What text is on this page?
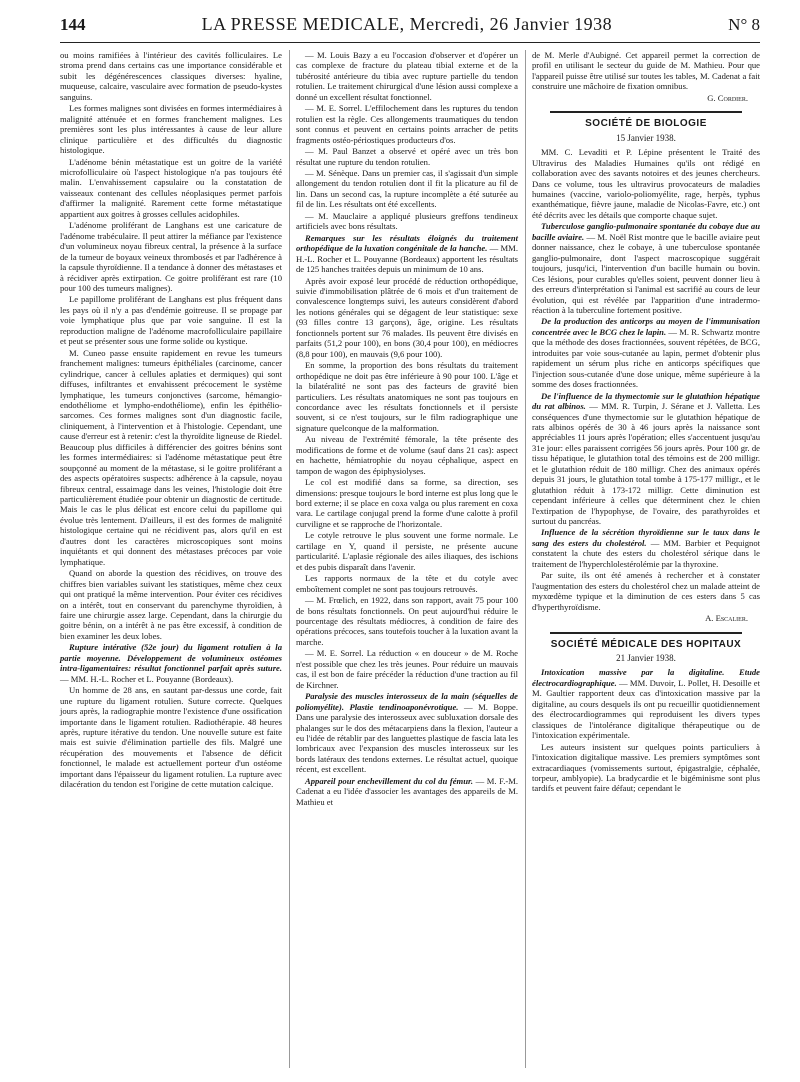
144	LA PRESSE MEDICALE, Mercredi, 26 Janvier 1938	N° 8

ou moins ramifiées à l'intérieur des cavités folliculaires. Le stroma prend dans certains cas une importance considérable et subit les dégénérescences classiques diverses: hyaline, muqueuse, calcaire, vasculaire avec formation de pseudo-kystes sanguins.

Les formes malignes sont divisées en formes intermédiaires à malignité atténuée et en formes franchement malignes. Les premières sont les plus intéressantes à cause de leur allure clinique particulière et des difficultés du diagnostic histologique.

L'adénome bénin métastatique est un goitre de la variété microfolliculaire où l'aspect histologique n'a pas toujours été malin. L'envahissement capsulaire ou la constatation de vaisseaux contenant des cellules néoplasiques permet parfois d'affirmer la malignité. Rarement cette forme métastatique appartient aux goitres à grosses cellules acidophiles.

L'adénome proliférant de Langhans est une caricature de l'adénome trabéculaire. Il peut attirer la méfiance par l'existence d'un volumineux noyau fibreux central, la présence à la surface de la tumeur de boyaux veineux thrombosés et par l'adhérence à la capsule thyroïdienne. Il a tendance à donner des métastases et à récidiver après extirpation. Ce goitre proliférant est rare (10 pour 100 des tumeurs malignes).

Le papillome proliférant de Langhans est plus fréquent dans les pays où il n'y a pas d'endémie goitreuse. Il se propage par voie lymphatique plus que par voie sanguine. Il est la reproduction maligne de l'adénome macrofolliculaire papillaire et peut se présenter sous une forme solide ou kystique.

M. Cuneo passe ensuite rapidement en revue les tumeurs franchement malignes: tumeurs épithéliales (carcinome, cancer cylindrique, cancer à cellules aplaties et dermiques) qui sont diffuses, infiltrantes et envahissent précocement le système lymphatique, les tumeurs conjonctives (sarcome, hémangio-endothéliome et lympho-endothéliome), enfin les épithélio-sarcomes. Ces formes malignes sont d'un diagnostic facile, cliniquement, à l'intervention et à l'histologie. Cependant, une cause d'erreur est à retenir: c'est la thyroïdite ligneuse de Riedel. Beaucoup plus difficiles à différencier des goitres bénins sont les formes intermédiaires: si l'adénome métastatique peut être soupçonné au moment de la métastase, si le goitre proliférant a des aspects opératoires suspects: adhérence à la capsule, noyau fibreux central, essaimage dans les veines, l'histologie doit être particulièrement étudiée pour obtenir un diagnostic de certitude. Mais le cas le plus délicat est encore celui du papillome qui évolue très lentement. D'ailleurs, il est des formes de malignité histologique certaine qui ne récidivent pas, alors qu'il en est d'autres dont les caractères microscopiques sont moins inquiétants et qui donnent des métastases précoces par voie lymphatique.

Quand on aborde la question des récidives, on trouve des chiffres bien variables suivant les statistiques, même chez ceux qui ont pratiqué la même intervention. Pour éviter ces récidives on a intérêt, tout en conservant du parenchyme thyroïdien, à faire une chirurgie assez large. Cependant, dans la chirurgie du goitre bénin, on a intérêt à ne pas être excessif, à condition de bien examiner les deux lobes.

Rupture intérative (52e jour) du ligament rotulien à la partie moyenne. Développement de volumineux ostéomes intra-ligamentaires: résultat fonctionnel parfait après suture. — MM. H.-L. Rocher et L. Pouyanne (Bordeaux).

Un homme de 28 ans, en sautant par-dessus une corde, fait une rupture du ligament rotulien. Suture correcte. Quelques jours après, la radiographie montre l'existence d'une ossification importante dans le ligament rotulien. Radiothérapie. 48 heures après, rupture itérative du tendon. Une nouvelle suture est faite mais est suivie d'élimination partielle des fils. Malgré une récupération des mouvements et l'absence de déficit fonctionnel, le malade est actuellement porteur d'un ostéome important dans l'épaisseur du ligament rotulien. La rupture avec dilacération du tendon est l'origine de cette mutation calcique.

— M. Louis Bazy a eu l'occasion d'observer et d'opérer un cas complexe de fracture du plateau tibial externe et de la tubérosité antérieure du tibia avec rupture partielle du tendon rotulien. Le traitement chirurgical d'une lésion aussi complexe a donné un excellent résultat fonctionnel.

— M. E. Sorrel. L'effilochement dans les ruptures du tendon rotulien est la règle. Ces allongements traumatiques du tendon sont connus et peuvent en certains points arracher de petits fragments ostéo-périostiques producteurs d'os.

— M. Paul Banzet a observé et opéré avec un très bon résultat une rupture du tendon rotulien.

— M. Sénèque. Dans un premier cas, il s'agissait d'un simple allongement du tendon rotulien dont il fit la plicature au fil de lin. Dans un second cas, la rupture incomplète a été suturée au fil de lin. Les résultats ont été excellents.

— M. Mauclaire a appliqué plusieurs greffons tendineux artificiels avec bons résultats.

Remarques sur les résultats éloignés du traitement orthopédique de la luxation congénitale de la hanche. — MM. H.-L. Rocher et L. Pouyanne (Bordeaux) apportent les résultats de 125 hanches traitées depuis un minimum de 10 ans.

Après avoir exposé leur procédé de réduction orthopédique, suivie d'immobilisation plâtrée de 6 mois et d'un traitement de convalescence longtemps suivi, les auteurs considèrent d'abord les notions générales qui se dégagent de leur statistique: sexe (93 filles contre 13 garçons), âge, origine. Les résultats fonctionnels portent sur 76 malades. Ils peuvent être divisés en parfaits (51,2 pour 100), en bons (30,4 pour 100), en médiocres (8,8 pour 100), en mauvais (9,6 pour 100).

En somme, la proportion des bons résultats du traitement orthopédique ne doit pas être inférieure à 90 pour 100. L'âge et la bilatéralité ne sont pas des facteurs de gravité bien particuliers. Les résultats anatomiques ne sont pas toujours en concordance avec les résultats fonctionnels et il persiste souvent, si ce n'est toujours, sur le film radiographique une signature quelconque de la malformation.

Au niveau de l'extrémité fémorale, la tête présente des modifications de forme et de volume (sauf dans 21 cas): aspect en hachette, hémiatrophie du noyau céphalique, aspect en tampon de wagon des épiphysiolyses.

Le col est modifié dans sa forme, sa direction, ses dimensions: presque toujours le bord interne est plus long que le bord externe; il se place en coxa valga ou plus rarement en coxa vara. Le cartilage conjugal prend la forme d'une calotte à profil curviligne et se rapproche de l'horizontale.

Le cotyle retrouve le plus souvent une forme normale. Le cartilage en Y, quand il persiste, ne présente aucune particularité. L'aplasie régionale des ailes iliaques, des ischions et des pubis disparaît dans l'avenir.

Les rapports normaux de la tête et du cotyle avec emboîtement complet ne sont pas toujours retrouvés.

— M. Frœlich, en 1922, dans son rapport, avait 75 pour 100 de bons résultats fonctionnels. On peut aujourd'hui réduire le pourcentage des résultats médiocres, à condition de faire des opérations précoces, sans toutefois toucher à la luxation avant la marche.

— M. E. Sorrel. La réduction « en douceur » de M. Roche n'est possible que chez les très jeunes. Pour réduire un mauvais cas, il est bon de faire précéder la réduction d'une traction au fil de Kirchner.

Paralysie des muscles interosseux de la main (séquelles de poliomyélite). Plastie tendinoaponévrotique. — M. Boppe. Dans une paralysie des interosseux avec subluxation dorsale des phalanges sur le dos des métacarpiens dans la flexion, l'auteur a eu l'idée de rétablir par des languettes plastique de fascia lata les lombricaux avec l'expansion des muscles interosseux sur les bords latéraux des tendons externes. Le résultat actuel, quoique récent, est excellent.

Appareil pour enchevillement du col du fémur. — M. F.-M. Cadenat a eu l'idée d'associer les avantages des appareils de M. Mathieu et

de M. Merle d'Aubigné. Cet appareil permet la correction de profil en utilisant le secteur du guide de M. Mathieu. Pour que l'appareil puisse être utilisé sur toutes les tables, M. Cadenat a fait construire une mâchoire de fixation omnibus.

G. Cordier.
SOCIÉTÉ DE BIOLOGIE
15 Janvier 1938.

MM. C. Levaditi et P. Lépine présentent le Traité des Ultravirus des Maladies Humaines qu'ils ont rédigé en collaboration avec des savants notoires et des jeunes chercheurs. Dans ce volume, tous les ultravirus provocateurs de maladies humaines (vaccine, variolo-poliomyélite, rage, herpès, typhus exanthématique, fièvre jaune, maladie de Nicolas-Favre, etc.) ont été décrits avec les détails que comporte chaque sujet.

Tuberculose ganglio-pulmonaire spontanée du cobaye due au bacille aviaire. — M. Noël Rist montre que le bacille aviaire peut donner naissance, chez le cobaye, à une tuberculose spontanée ganglio-pulmonaire, dont l'aspect macroscopique suggérait toujours, jusqu'ici, l'intervention d'un bacille humain ou bovin. Ces lésions, pour curables qu'elles soient, peuvent donner lieu à des erreurs d'interprétation si l'animal est sacrifié au cours de leur évolution, qui est révélée par l'apparition d'une intradermo-réaction à la tuberculine fortement positive.

De la production des anticorps au moyen de l'immunisation concentrée avec le BCG chez le lapin. — M. R. Schwartz montre que la méthode des doses fractionnées, souvent répétées, de BCG, introduites par voie sous-cutanée au lapin, permet d'obtenir plus rapidement un sérum plus riche en anticorps spécifiques que l'injection sous-cutanée d'une dose unique, même supérieure à la somme des doses fractionnées.

De l'influence de la thymectomie sur le glutathion hépatique du rat albinos. — MM. R. Turpin, J. Sérane et J. Valletta. Les conséquences d'une thymectomie sur le glutathion hépatique de rats albinos opérés de 30 à 46 jours après la naissance sont appréciables 11 jours après l'opération; elles s'accentuent jusqu'au 31e jour: elles paraissent corrigées 56 jours après. Pour 100 gr. de tissu hépatique, le glutathion total des témoins est de 200 milligr. et le glutathion réduit de 180 milligr. Chez des animaux opérés depuis 31 jours, le glutathion total tombe à 175-177 milligr., et le glutathion réduit à 173-172 milligr. Cette diminution est cependant inférieure à celles que déterminent chez le chien l'extirpation de l'hypophyse, de l'ovaire, des parathyroïdes et surtout du pancréas.

Influence de la sécrétion thyroïdienne sur le taux dans le sang des esters du cholestérol. — MM. Barbier et Pequignot constatent la chute des esters du cholestérol sérique dans le traitement de l'hyperchlolestérolémie par la thyroxine.

Par suite, ils ont été amenés à rechercher et à constater l'augmentation des esters du cholestérol chez un malade atteint de myxœdème typique et la diminution de ces esters dans 5 cas d'hyperthyroïdisme.

A. Escalier.
SOCIÉTÉ MÉDICALE DES HOPITAUX
21 Janvier 1938.

Intoxication massive par la digitaline. Etude électrocardiographique. — MM. Duvoir, L. Pollet, H. Desoille et M. Gaultier rapportent deux cas d'intoxication massive par la digitaline, au cours desquels ils ont pu recueillir quotidiennement des électrocardiogrammes qui reproduisent les divers types classiques de l'intolérance digitalique thérapeutique ou de l'intoxication expérimentale.

Les auteurs insistent sur quelques points particuliers à l'intoxication digitalique massive. Les premiers symptômes sont extracardiaques (vomissements surtout, épigastralgie, céphalée, torpeur, amblyopie). La bradycardie et le bigéminisme sont plus tardifs et peuvent faire défaut; cependant le
